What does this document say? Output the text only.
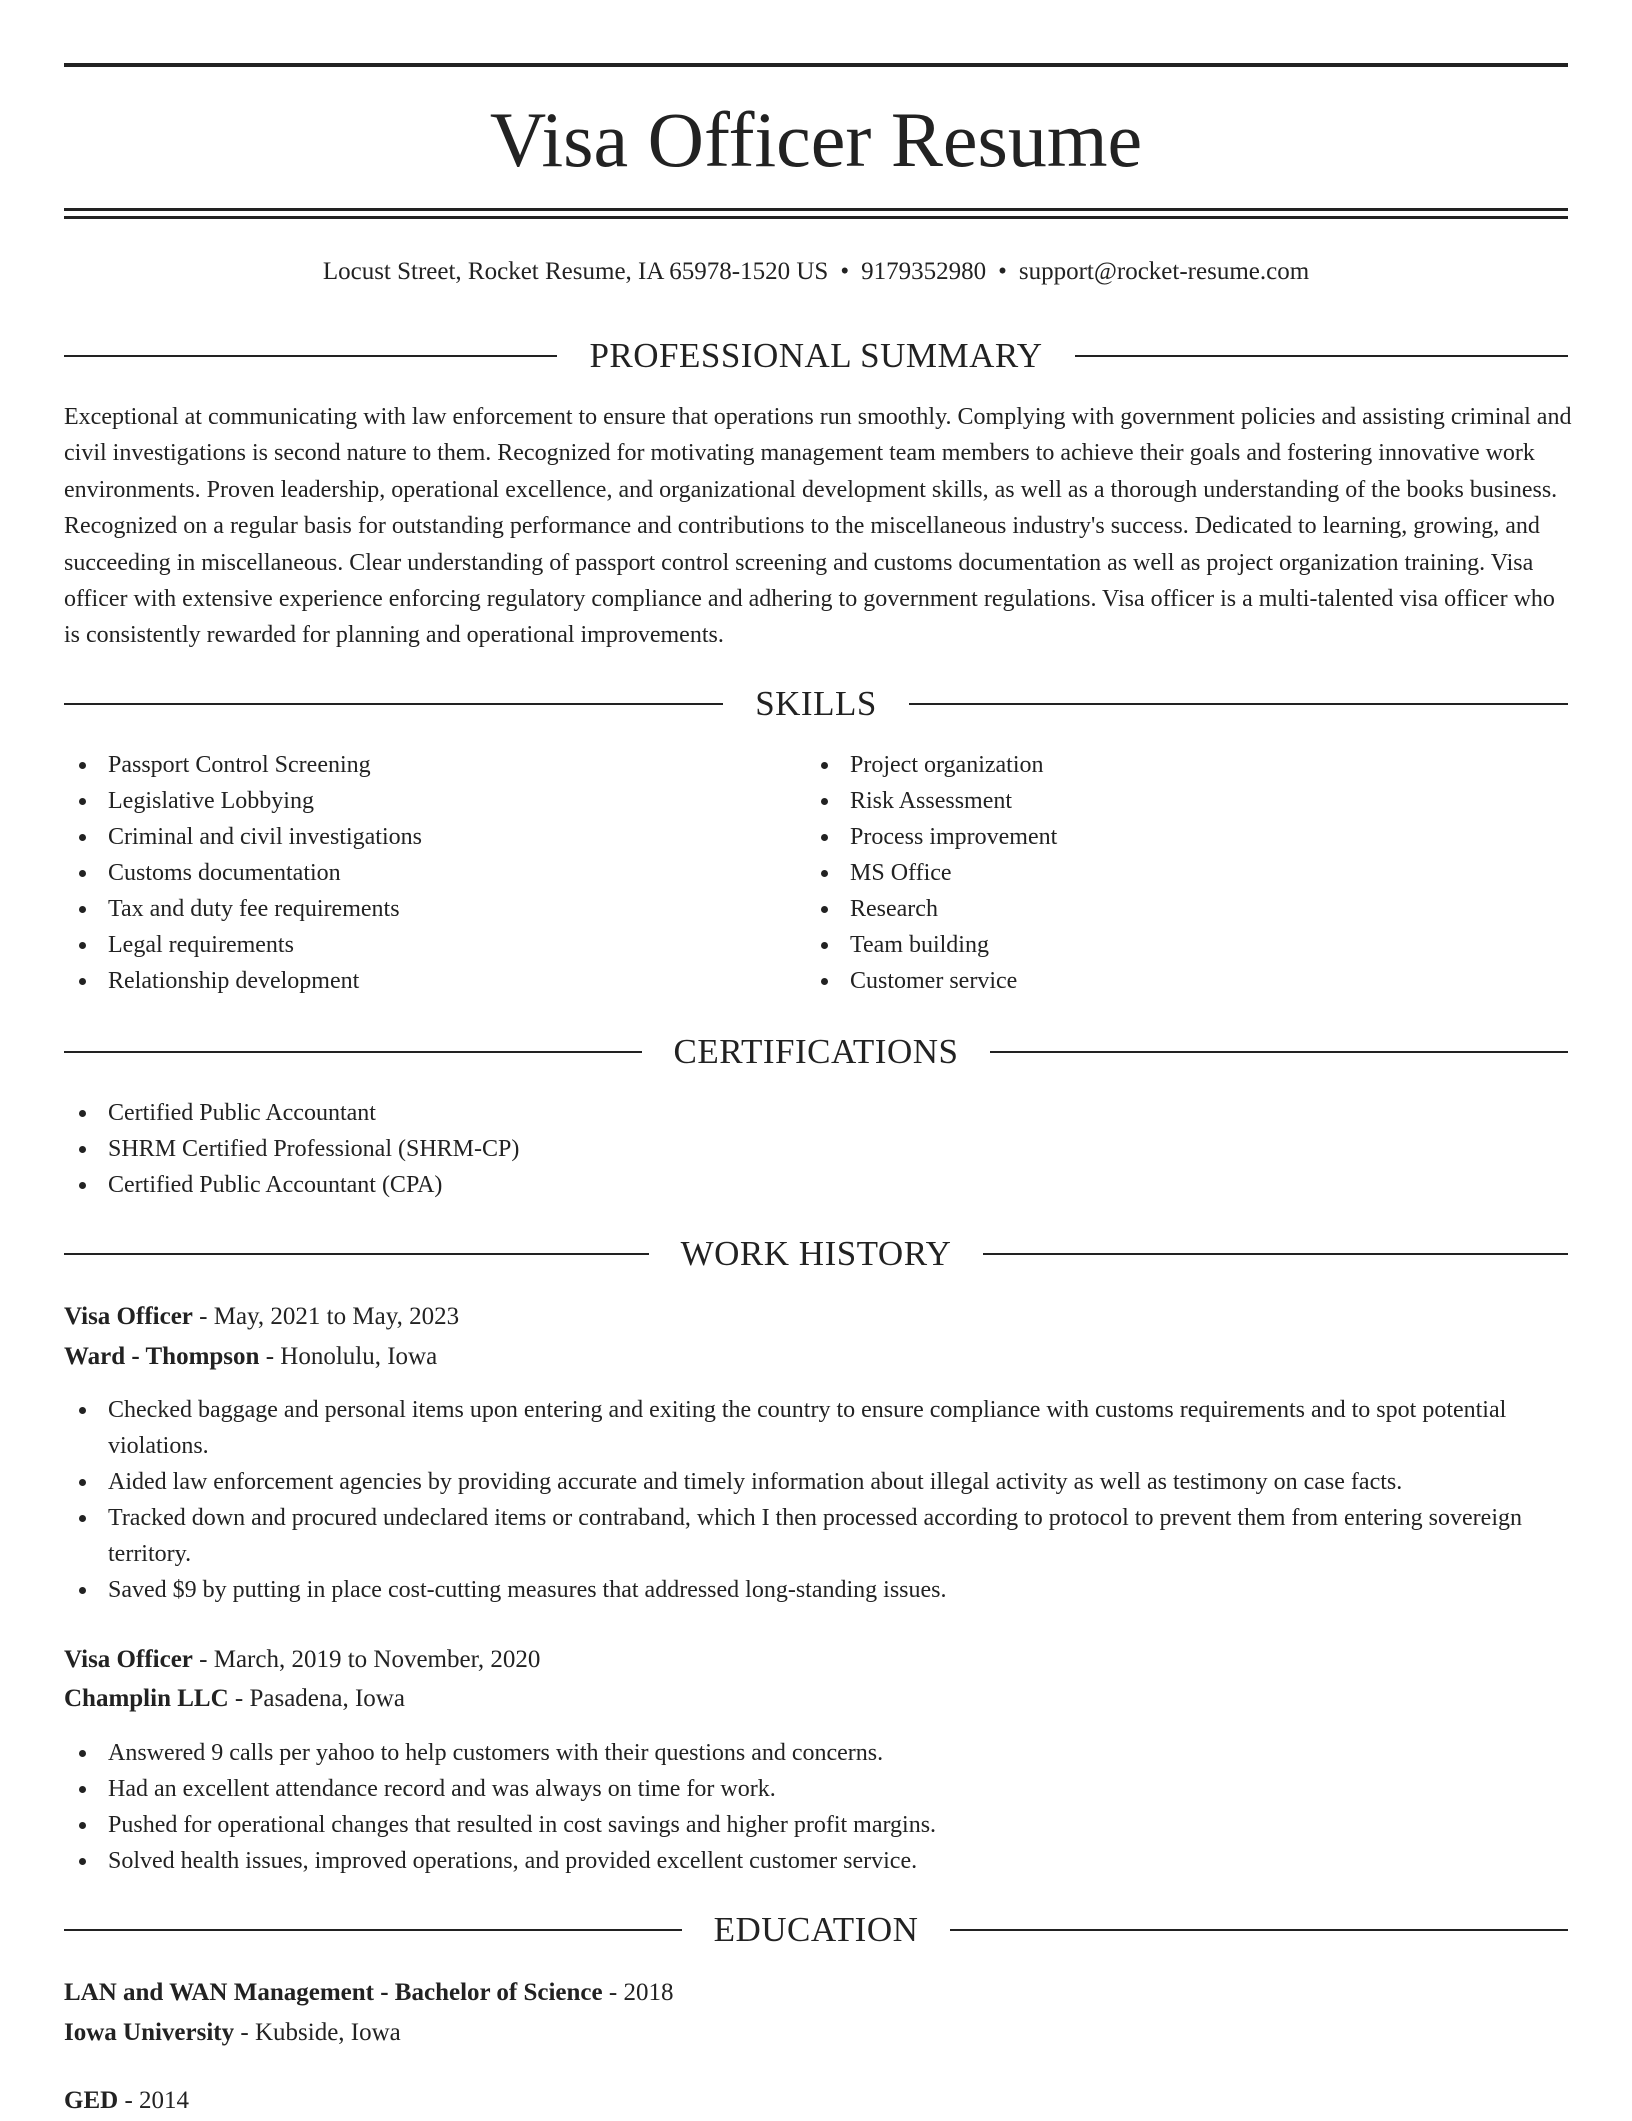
Visa Officer Resume
Locust Street, Rocket Resume, IA 65978-1520 US • 9179352980 • support@rocket-resume.com
PROFESSIONAL SUMMARY
Exceptional at communicating with law enforcement to ensure that operations run smoothly. Complying with government policies and assisting criminal and civil investigations is second nature to them. Recognized for motivating management team members to achieve their goals and fostering innovative work environments. Proven leadership, operational excellence, and organizational development skills, as well as a thorough understanding of the books business. Recognized on a regular basis for outstanding performance and contributions to the miscellaneous industry's success. Dedicated to learning, growing, and succeeding in miscellaneous. Clear understanding of passport control screening and customs documentation as well as project organization training. Visa officer with extensive experience enforcing regulatory compliance and adhering to government regulations. Visa officer is a multi-talented visa officer who is consistently rewarded for planning and operational improvements.
SKILLS
Passport Control Screening
Legislative Lobbying
Criminal and civil investigations
Customs documentation
Tax and duty fee requirements
Legal requirements
Relationship development
Project organization
Risk Assessment
Process improvement
MS Office
Research
Team building
Customer service
CERTIFICATIONS
Certified Public Accountant
SHRM Certified Professional (SHRM-CP)
Certified Public Accountant (CPA)
WORK HISTORY
Visa Officer - May, 2021 to May, 2023
Ward - Thompson - Honolulu, Iowa
Checked baggage and personal items upon entering and exiting the country to ensure compliance with customs requirements and to spot potential violations.
Aided law enforcement agencies by providing accurate and timely information about illegal activity as well as testimony on case facts.
Tracked down and procured undeclared items or contraband, which I then processed according to protocol to prevent them from entering sovereign territory.
Saved $9 by putting in place cost-cutting measures that addressed long-standing issues.
Visa Officer - March, 2019 to November, 2020
Champlin LLC - Pasadena, Iowa
Answered 9 calls per yahoo to help customers with their questions and concerns.
Had an excellent attendance record and was always on time for work.
Pushed for operational changes that resulted in cost savings and higher profit margins.
Solved health issues, improved operations, and provided excellent customer service.
EDUCATION
LAN and WAN Management - Bachelor of Science - 2018
Iowa University - Kubside, Iowa
GED - 2014
